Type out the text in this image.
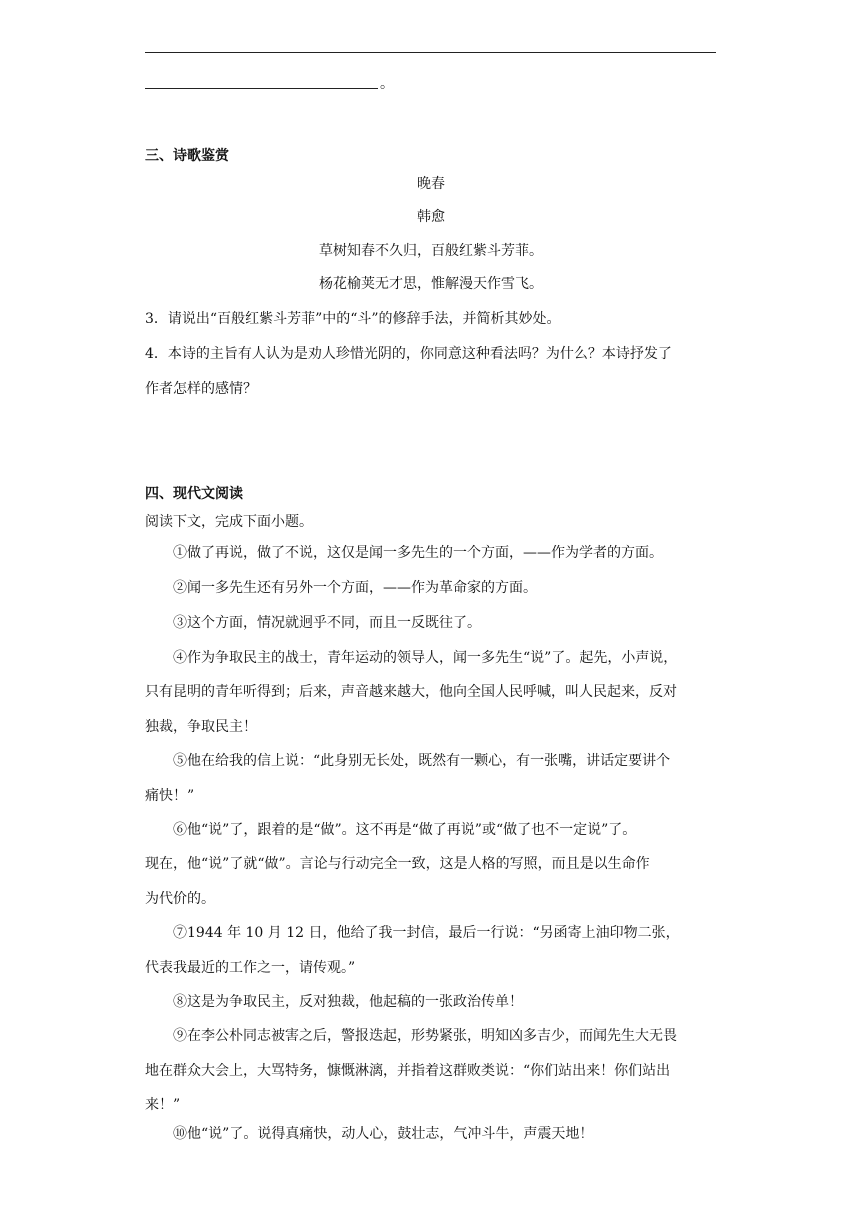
。
三、诗歌鉴赏
晚春
韩愈
草树知春不久归，百般红紫斗芳菲。
杨花榆荚无才思，惟解漫天作雪飞。
3．请说出“百般红紫斗芳菲”中的“斗”的修辞手法，并简析其妙处。
4．本诗的主旨有人认为是劝人珍惜光阴的，你同意这种看法吗？为什么？本诗抒发了
作者怎样的感情？
四、现代文阅读
阅读下文，完成下面小题。
①做了再说，做了不说，这仅是闻一多先生的一个方面，——作为学者的方面。
②闻一多先生还有另外一个方面，——作为革命家的方面。
③这个方面，情况就迥乎不同，而且一反既往了。
④作为争取民主的战士，青年运动的领导人，闻一多先生“说”了。起先，小声说，
只有昆明的青年听得到；后来，声音越来越大，他向全国人民呼喊，叫人民起来，反对
独裁，争取民主！
⑤他在给我的信上说：“此身别无长处，既然有一颗心，有一张嘴，讲话定要讲个
痛快！”
⑥他“说”了，跟着的是“做”。这不再是“做了再说”或“做了也不一定说”了。
现在，他“说”了就“做”。言论与行动完全一致，这是人格的写照，而且是以生命作
为代价的。
⑦1944 年 10 月 12 日，他给了我一封信，最后一行说：“另函寄上油印物二张，
代表我最近的工作之一，请传观。”
⑧这是为争取民主，反对独裁，他起稿的一张政治传单！
⑨在李公朴同志被害之后，警报迭起，形势紧张，明知凶多吉少，而闻先生大无畏
地在群众大会上，大骂特务，慷慨淋漓，并指着这群败类说：“你们站出来！你们站出
来！”
⑩他“说”了。说得真痛快，动人心，鼓壮志，气冲斗牛，声震天地！
